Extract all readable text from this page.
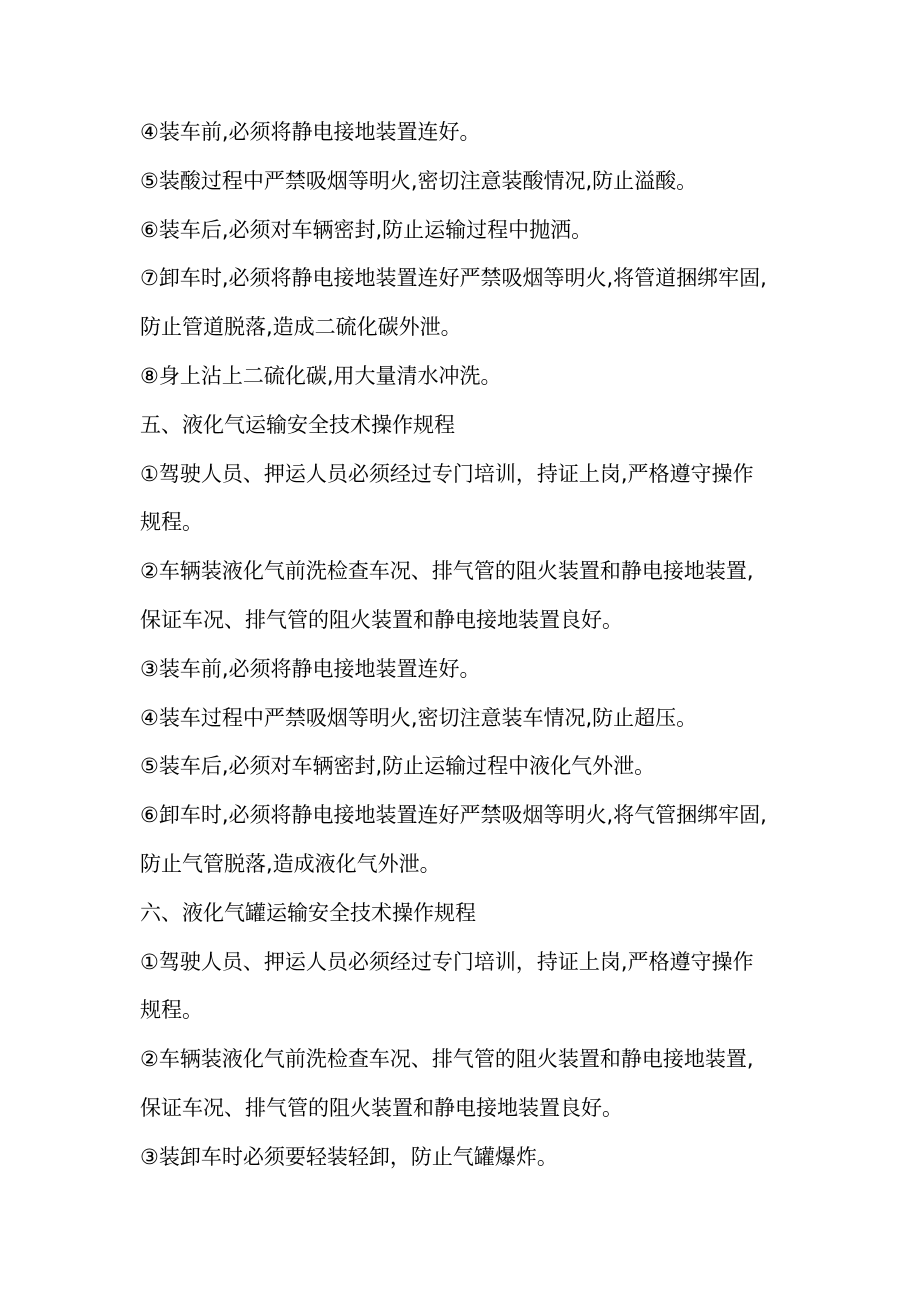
④装车前,必须将静电接地装置连好。
⑤装酸过程中严禁吸烟等明火,密切注意装酸情况,防止溢酸。
⑥装车后,必须对车辆密封,防止运输过程中抛洒。
⑦卸车时,必须将静电接地装置连好严禁吸烟等明火,将管道捆绑牢固,
防止管道脱落,造成二硫化碳外泄。
⑧身上沾上二硫化碳,用大量清水冲洗。
五、液化气运输安全技术操作规程
①驾驶人员、押运人员必须经过专门培训，持证上岗,严格遵守操作
规程。
②车辆装液化气前洗检查车况、排气管的阻火装置和静电接地装置,
保证车况、排气管的阻火装置和静电接地装置良好。
③装车前,必须将静电接地装置连好。
④装车过程中严禁吸烟等明火,密切注意装车情况,防止超压。
⑤装车后,必须对车辆密封,防止运输过程中液化气外泄。
⑥卸车时,必须将静电接地装置连好严禁吸烟等明火,将气管捆绑牢固,
防止气管脱落,造成液化气外泄。
六、液化气罐运输安全技术操作规程
①驾驶人员、押运人员必须经过专门培训，持证上岗,严格遵守操作
规程。
②车辆装液化气前洗检查车况、排气管的阻火装置和静电接地装置,
保证车况、排气管的阻火装置和静电接地装置良好。
③装卸车时必须要轻装轻卸，防止气罐爆炸。
